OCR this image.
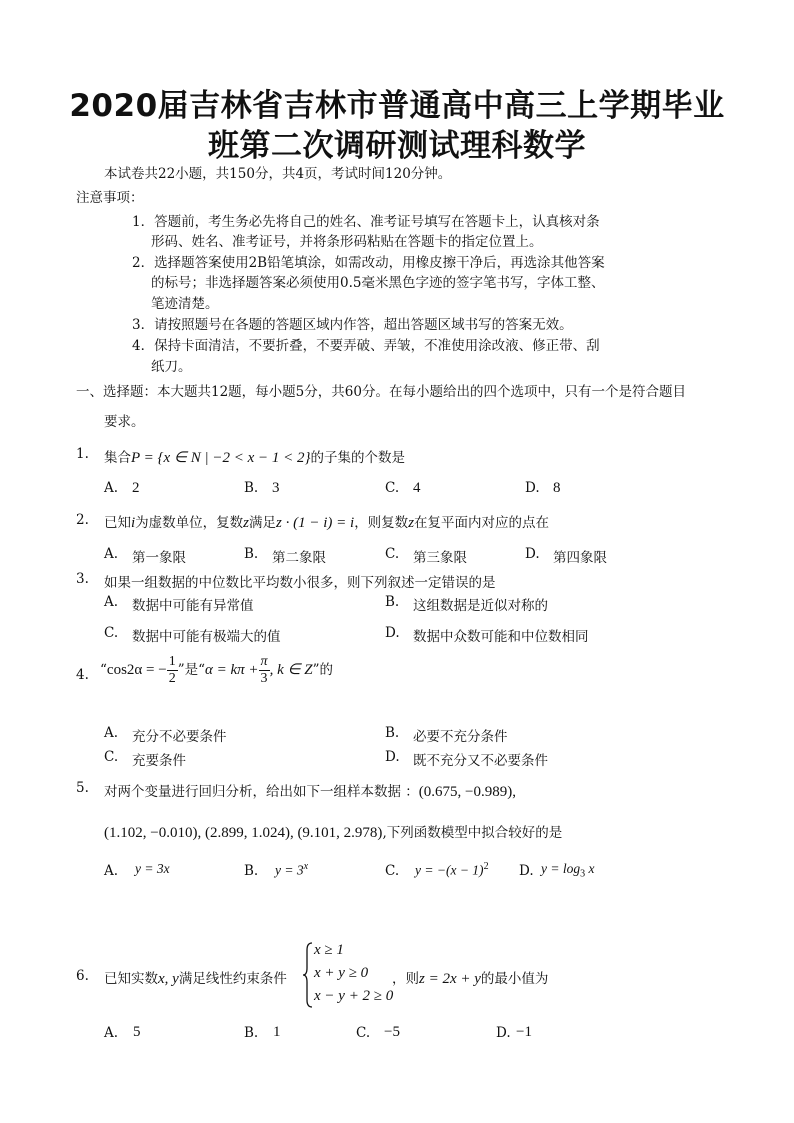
2020届吉林省吉林市普通高中高三上学期毕业
班第二次调研测试理科数学
本试卷共22小题，共150分，共4页，考试时间120分钟。
注意事项：
1．答题前，考生务必先将自己的姓名、准考证号填写在答题卡上，认真核对条
形码、姓名、准考证号，并将条形码粘贴在答题卡的指定位置上。
2．选择题答案使用2B铅笔填涂，如需改动，用橡皮擦干净后，再选涂其他答案
的标号；非选择题答案必须使用0.5毫米黑色字迹的签字笔书写，字体工整、
笔迹清楚。
3．请按照题号在各题的答题区域内作答，超出答题区域书写的答案无效。
4．保持卡面清洁，不要折叠，不要弄破、弄皱，不准使用涂改液、修正带、刮
纸刀。
一、选择题：本大题共12题，每小题5分，共60分。在每小题给出的四个选项中，只有一个是符合题目
要求。
1. 集合P = {x ∈ N | −2 < x − 1 < 2}的子集的个数是
A. 2	B. 3	C. 4	D. 8
2. 已知i为虚数单位，复数z满足z · (1 − i) = i，则复数z在复平面内对应的点在
A. 第一象限	B. 第二象限	C. 第三象限	D. 第四象限
3. 如果一组数据的中位数比平均数小很多，则下列叙述一定错误的是
A. 数据中可能有异常值	B. 这组数据是近似对称的
C. 数据中可能有极端大的值	D. 数据中众数可能和中位数相同
4. “cos2α = − $\frac{1}{2}$ ”是“$\alpha = k\pi + \frac{\pi}{3}$ , k ∈ Z”的
A. 充分不必要条件	B. 必要不充分条件
C. 充要条件	D. 既不充分又不必要条件
5. 对两个变量进行回归分析，给出如下一组样本数据 ：(0.675, −0.989),
(1.102, −0.010), (2.899, 1.024), (9.101, 2.978),下列函数模型中拟合较好的是
A. y = 3x	B. $y = 3^x$	C. $y = -(x - 1)^2$ D. $y = \log_3 x$
6. 已知实数x, y满足线性约束条件
x ≥ 1
x + y ≥ 0
x − y + 2 ≥ 0
，则z = 2x + y的最小值为
A. 5	B. 1	C. −5	D. −1
